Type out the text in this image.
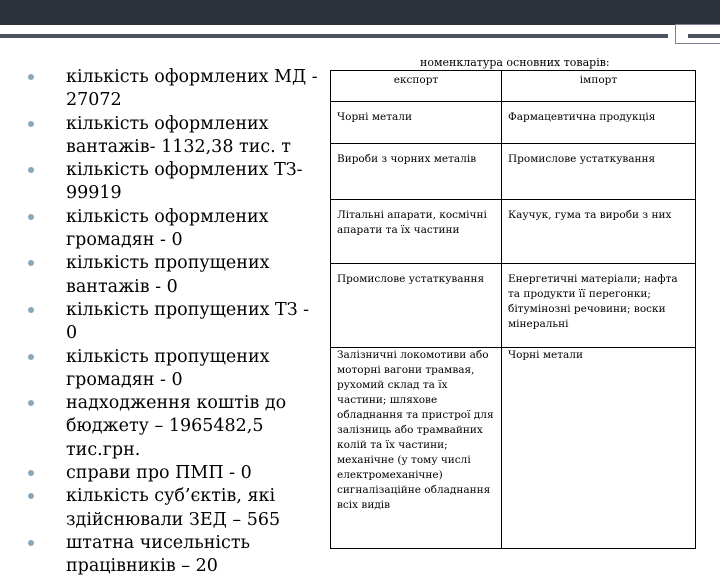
кількість оформлених МД - 27072
кількість оформлених вантажів- 1132,38 тис. т
кількість оформлених ТЗ- 99919
кількість оформлених громадян - 0
кількість пропущених вантажів - 0
кількість пропущених ТЗ - 0
кількість пропущених громадян - 0
надходження коштів до бюджету – 1965482,5 тис.грн.
справи про ПМП - 0
кількість суб’єктів, які здійснювали ЗЕД – 565
штатна чисельність працівників – 20
номенклатура основних товарів:
експорт	імпорт
Чорні метали	Фармацевтична продукція
Вироби з чорних металів	Промислове устаткування
Літальні апарати, космічні апарати та їх частини	Каучук, гума та вироби з них
Промислове устаткування	Енергетичні матеріали; нафта та продукти її перегонки; бітумінозні речовини; воски мінеральні
Залізничні локомотиви або моторні вагони трамвая, рухомий склад та їх частини; шляхове обладнання та пристрої для залізниць або трамвайних колій та їх частини; механічне (у тому числі електромеханічне) сигналізаційне обладнання всіх видів	Чорні метали
